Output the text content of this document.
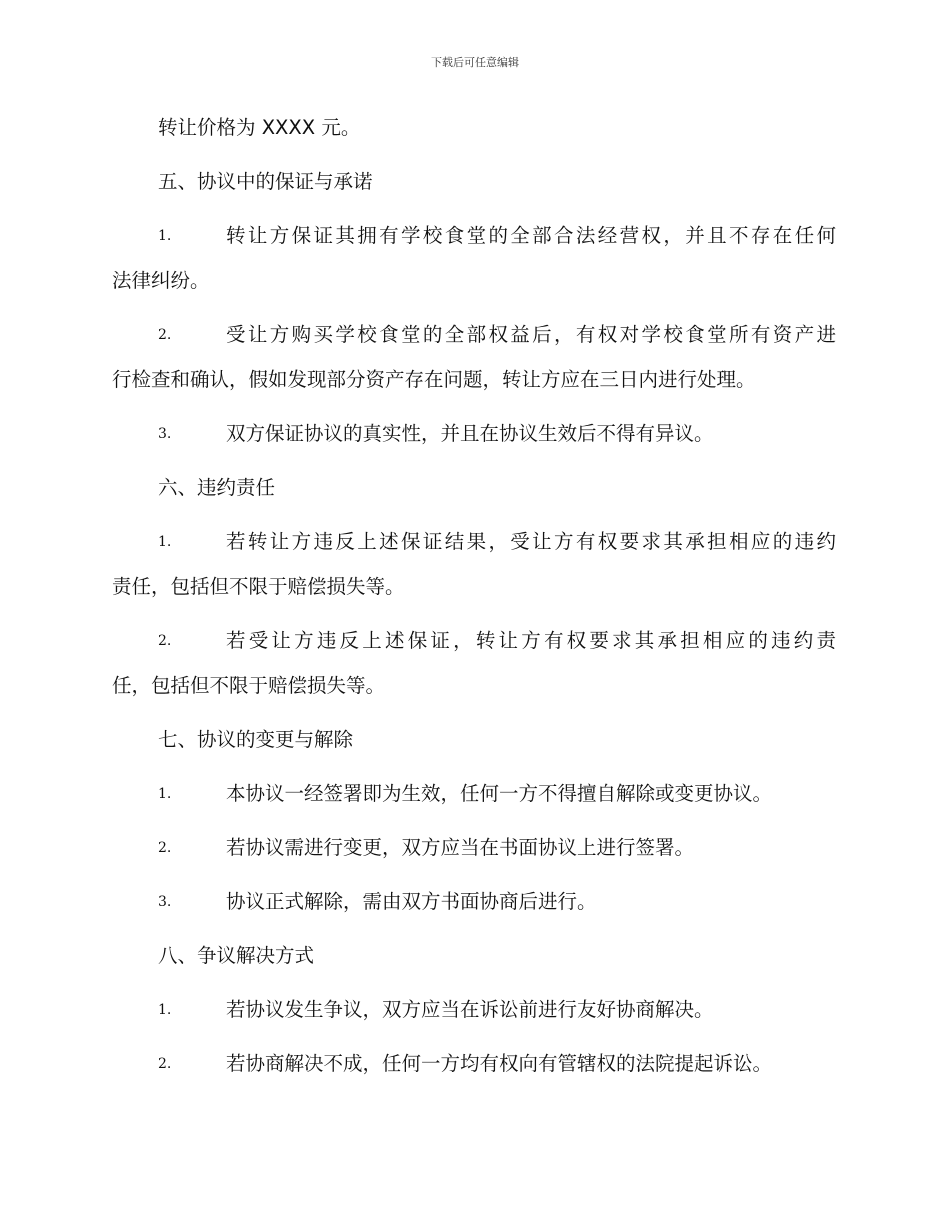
下载后可任意编辑
转让价格为 XXXX 元。
五、协议中的保证与承诺
1.	转让方保证其拥有学校食堂的全部合法经营权，并且不存在任何
法律纠纷。
2.	受让方购买学校食堂的全部权益后，有权对学校食堂所有资产进
行检查和确认，假如发现部分资产存在问题，转让方应在三日内进行处理。
3.	双方保证协议的真实性，并且在协议生效后不得有异议。
六、违约责任
1.	若转让方违反上述保证结果，受让方有权要求其承担相应的违约
责任，包括但不限于赔偿损失等。
2.	若受让方违反上述保证，转让方有权要求其承担相应的违约责
任，包括但不限于赔偿损失等。
七、协议的变更与解除
1.	本协议一经签署即为生效，任何一方不得擅自解除或变更协议。
2.	若协议需进行变更，双方应当在书面协议上进行签署。
3.	协议正式解除，需由双方书面协商后进行。
八、争议解决方式
1.	若协议发生争议，双方应当在诉讼前进行友好协商解决。
2.	若协商解决不成，任何一方均有权向有管辖权的法院提起诉讼。
